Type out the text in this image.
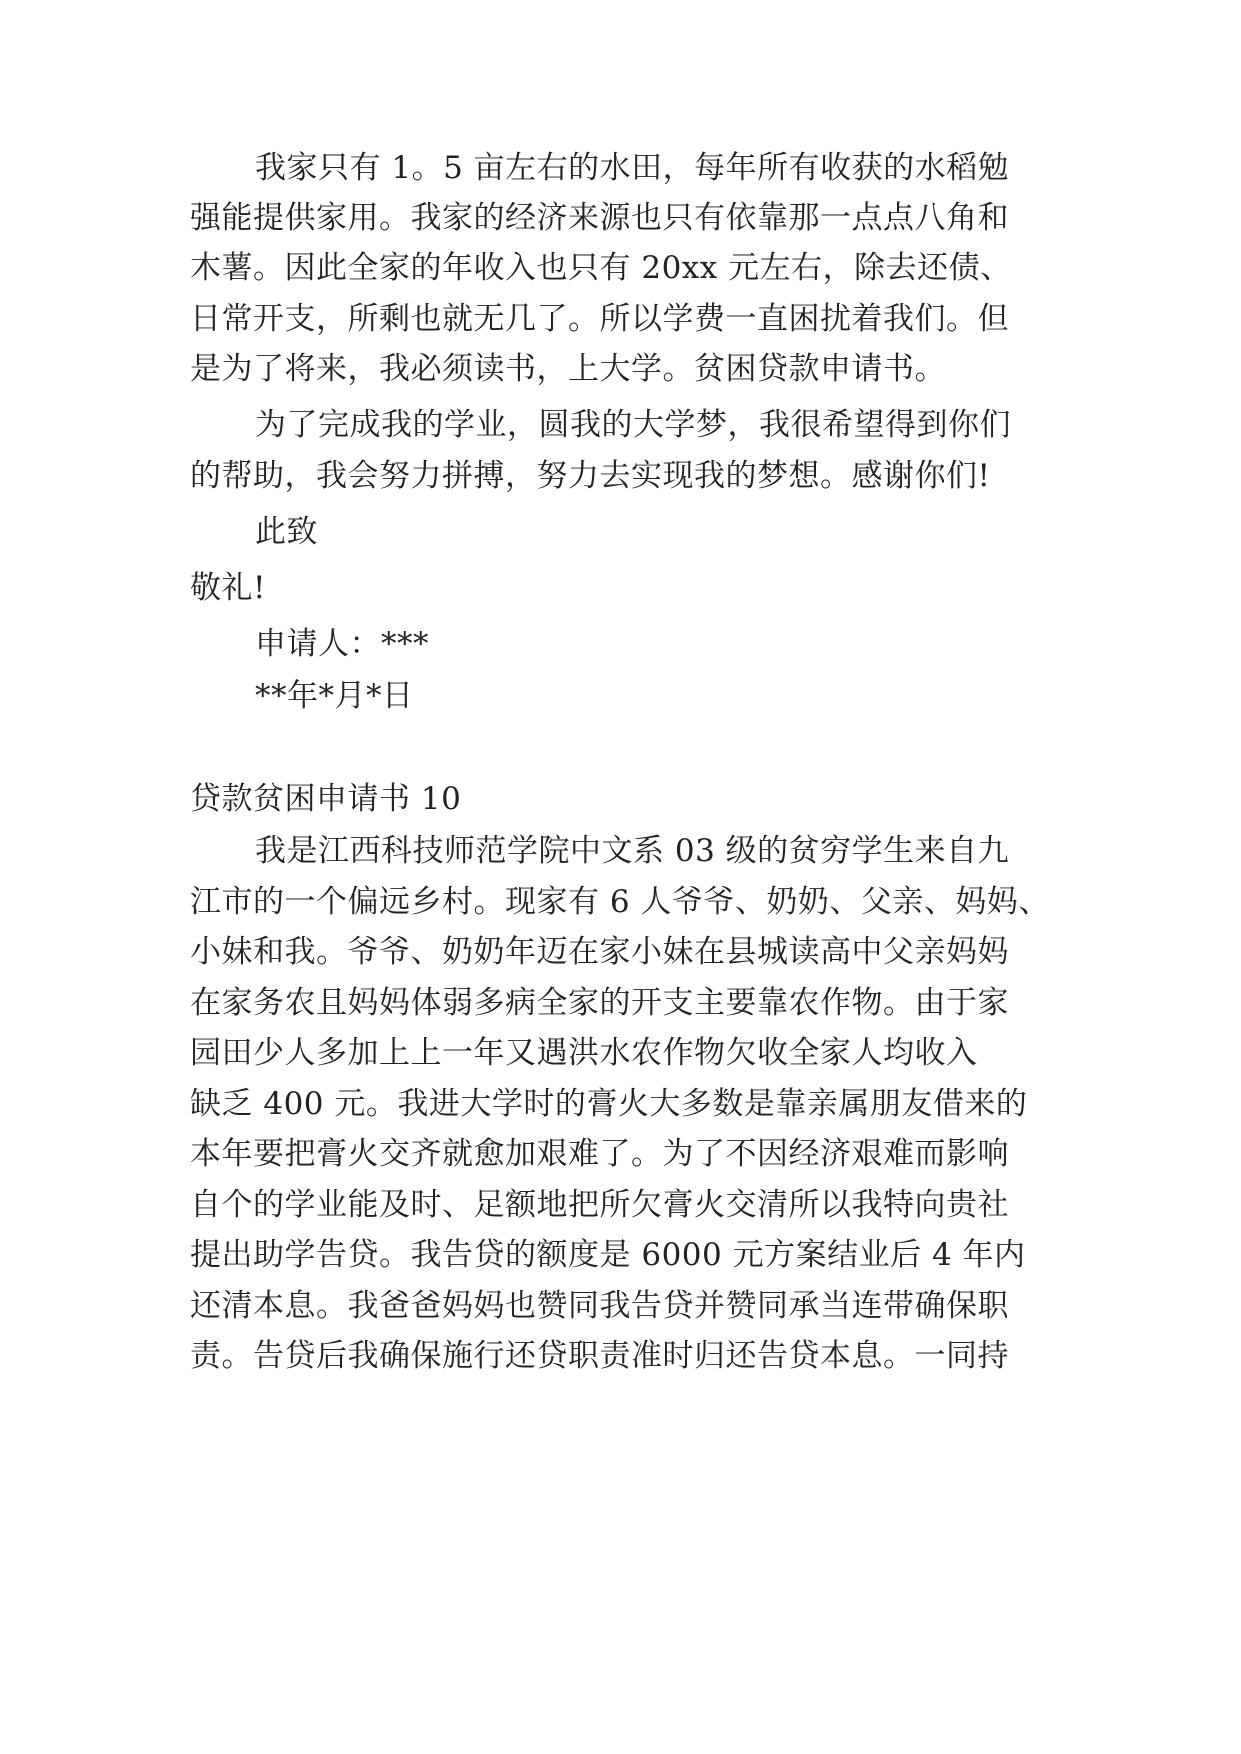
我家只有 1。5 亩左右的水田，每年所有收获的水稻勉
强能提供家用。我家的经济来源也只有依靠那一点点八角和
木薯。因此全家的年收入也只有 20xx 元左右，除去还债、
日常开支，所剩也就无几了。所以学费一直困扰着我们。但
是为了将来，我必须读书，上大学。贫困贷款申请书。
为了完成我的学业，圆我的大学梦，我很希望得到你们
的帮助，我会努力拼搏，努力去实现我的梦想。感谢你们!
此致
敬礼!
申请人：***
**年*月*日
贷款贫困申请书 10
我是江西科技师范学院中文系 03 级的贫穷学生来自九
江市的一个偏远乡村。现家有 6 人爷爷、奶奶、父亲、妈妈、
小妹和我。爷爷、奶奶年迈在家小妹在县城读高中父亲妈妈
在家务农且妈妈体弱多病全家的开支主要靠农作物。由于家
园田少人多加上上一年又遇洪水农作物欠收全家人均收入
缺乏 400 元。我进大学时的膏火大多数是靠亲属朋友借来的
本年要把膏火交齐就愈加艰难了。为了不因经济艰难而影响
自个的学业能及时、足额地把所欠膏火交清所以我特向贵社
提出助学告贷。我告贷的额度是 6000 元方案结业后 4 年内
还清本息。我爸爸妈妈也赞同我告贷并赞同承当连带确保职
责。告贷后我确保施行还贷职责准时归还告贷本息。一同持
